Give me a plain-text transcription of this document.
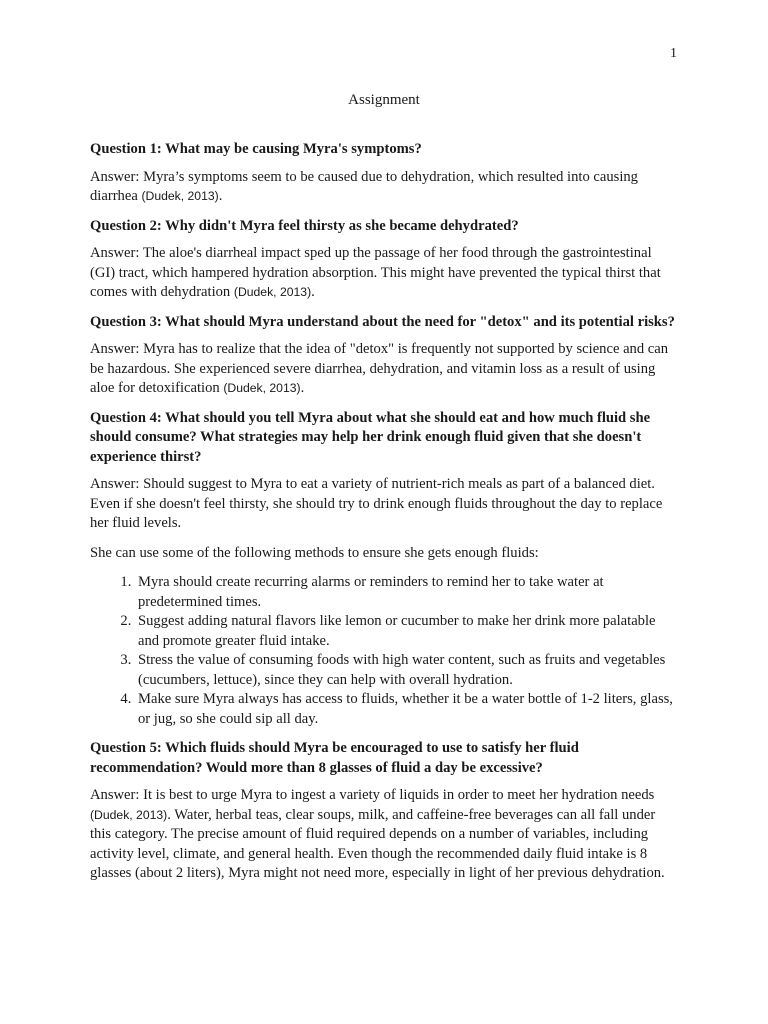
1
Assignment

Question 1: What may be causing Myra's symptoms?

Answer: Myra’s symptoms seem to be caused due to dehydration, which resulted into causing diarrhea (Dudek, 2013).

Question 2: Why didn't Myra feel thirsty as she became dehydrated?

Answer: The aloe's diarrheal impact sped up the passage of her food through the gastrointestinal (GI) tract, which hampered hydration absorption. This might have prevented the typical thirst that comes with dehydration (Dudek, 2013).

Question 3: What should Myra understand about the need for "detox" and its potential risks?

Answer: Myra has to realize that the idea of "detox" is frequently not supported by science and can be hazardous. She experienced severe diarrhea, dehydration, and vitamin loss as a result of using aloe for detoxification (Dudek, 2013).

Question 4: What should you tell Myra about what she should eat and how much fluid she should consume? What strategies may help her drink enough fluid given that she doesn't experience thirst?

Answer: Should suggest to Myra to eat a variety of nutrient-rich meals as part of a balanced diet. Even if she doesn't feel thirsty, she should try to drink enough fluids throughout the day to replace her fluid levels.

She can use some of the following methods to ensure she gets enough fluids:

1. Myra should create recurring alarms or reminders to remind her to take water at predetermined times.
2. Suggest adding natural flavors like lemon or cucumber to make her drink more palatable and promote greater fluid intake.
3. Stress the value of consuming foods with high water content, such as fruits and vegetables (cucumbers, lettuce), since they can help with overall hydration.
4. Make sure Myra always has access to fluids, whether it be a water bottle of 1-2 liters, glass, or jug, so she could sip all day.

Question 5: Which fluids should Myra be encouraged to use to satisfy her fluid recommendation? Would more than 8 glasses of fluid a day be excessive?

Answer: It is best to urge Myra to ingest a variety of liquids in order to meet her hydration needs (Dudek, 2013). Water, herbal teas, clear soups, milk, and caffeine-free beverages can all fall under this category. The precise amount of fluid required depends on a number of variables, including activity level, climate, and general health. Even though the recommended daily fluid intake is 8 glasses (about 2 liters), Myra might not need more, especially in light of her previous dehydration.
